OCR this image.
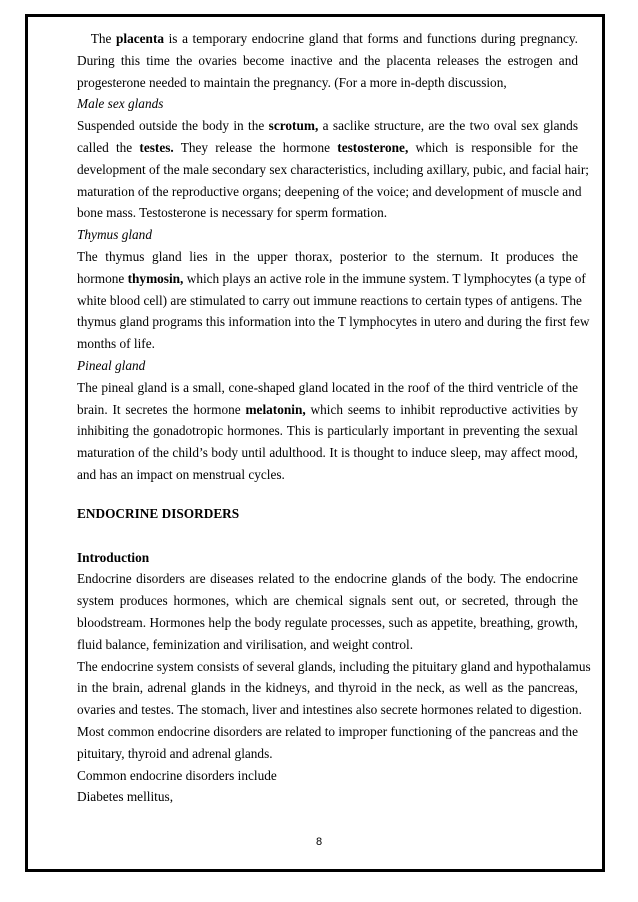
The placenta is a temporary endocrine gland that forms and functions during pregnancy.
During this time the ovaries become inactive and the placenta releases the estrogen and
progesterone needed to maintain the pregnancy. (For a more in-depth discussion,

Male sex glands

Suspended outside the body in the scrotum, a saclike structure, are the two oval sex glands
called the testes. They release the hormone testosterone, which is responsible for the
development of the male secondary sex characteristics, including axillary, pubic, and facial hair;
maturation of the reproductive organs; deepening of the voice; and development of muscle and
bone mass. Testosterone is necessary for sperm formation.

Thymus gland

The thymus gland lies in the upper thorax, posterior to the sternum. It produces the
hormone thymosin, which plays an active role in the immune system. T lymphocytes (a type of
white blood cell) are stimulated to carry out immune reactions to certain types of antigens. The
thymus gland programs this information into the T lymphocytes in utero and during the first few
months of life.

Pineal gland

The pineal gland is a small, cone-shaped gland located in the roof of the third ventricle of the
brain. It secretes the hormone melatonin, which seems to inhibit reproductive activities by
inhibiting the gonadotropic hormones. This is particularly important in preventing the sexual
maturation of the child’s body until adulthood. It is thought to induce sleep, may affect mood,
and has an impact on menstrual cycles.

ENDOCRINE DISORDERS

Introduction

Endocrine disorders are diseases related to the endocrine glands of the body. The endocrine
system produces hormones, which are chemical signals sent out, or secreted, through the
bloodstream. Hormones help the body regulate processes, such as appetite, breathing, growth,
fluid balance, feminization and virilisation, and weight control.

The endocrine system consists of several glands, including the pituitary gland and hypothalamus
in the brain, adrenal glands in the kidneys, and thyroid in the neck, as well as the pancreas,
ovaries and testes. The stomach, liver and intestines also secrete hormones related to digestion.
Most common endocrine disorders are related to improper functioning of the pancreas and the
pituitary, thyroid and adrenal glands.

Common endocrine disorders include

Diabetes mellitus,

8
